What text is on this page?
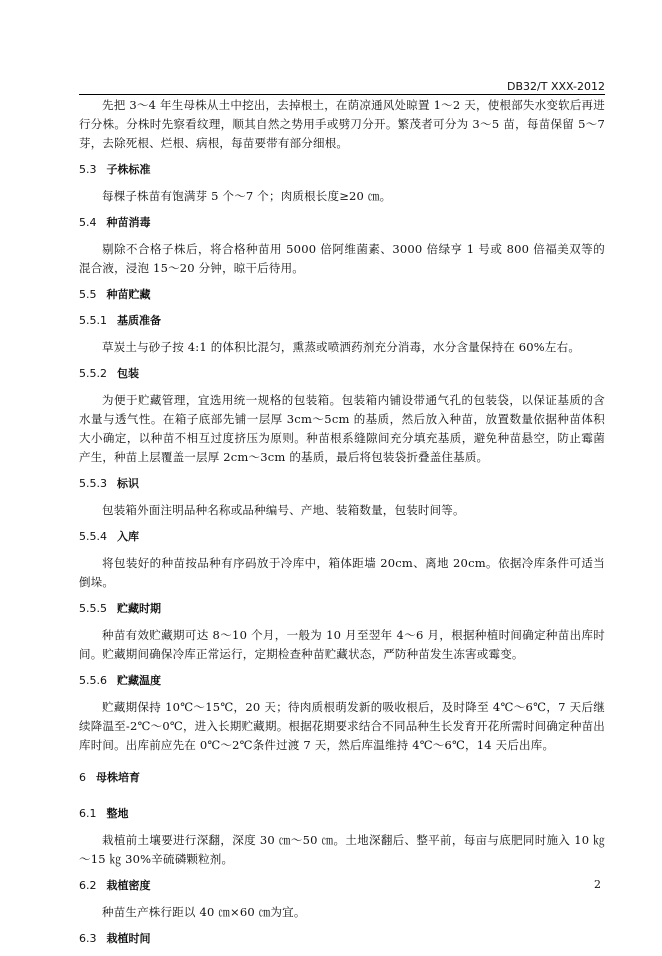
DB32/T XXX-2012

先把 3～4 年生母株从土中挖出，去掉根土，在荫凉通风处晾置 1～2 天，使根部失水变软后再进行分株。分株时先察看纹理，顺其自然之势用手或劈刀分开。繁茂者可分为 3～5 苗，每苗保留 5～7 芽，去除死根、烂根、病根，每苗要带有部分细根。

5.3 子株标准

每棵子株苗有饱满芽 5 个～7 个；肉质根长度≥20 ㎝。

5.4 种苗消毒

剔除不合格子株后，将合格种苗用 5000 倍阿维菌素、3000 倍绿亨 1 号或 800 倍福美双等的混合液，浸泡 15～20 分钟，晾干后待用。

5.5 种苗贮藏
5.5.1 基质准备

草炭土与砂子按 4:1 的体积比混匀，熏蒸或喷洒药剂充分消毒，水分含量保持在 60%左右。

5.5.2 包装

为便于贮藏管理，宜选用统一规格的包装箱。包装箱内铺设带通气孔的包装袋，以保证基质的含水量与透气性。在箱子底部先铺一层厚 3cm～5cm 的基质，然后放入种苗，放置数量依据种苗体积大小确定，以种苗不相互过度挤压为原则。种苗根系缝隙间充分填充基质，避免种苗悬空，防止霉菌产生，种苗上层覆盖一层厚 2cm～3cm 的基质，最后将包装袋折叠盖住基质。

5.5.3 标识

包装箱外面注明品种名称或品种编号、产地、装箱数量，包装时间等。

5.5.4 入库

将包装好的种苗按品种有序码放于冷库中，箱体距墙 20cm、离地 20cm。依据冷库条件可适当倒垛。

5.5.5 贮藏时期

种苗有效贮藏期可达 8～10 个月，一般为 10 月至翌年 4～6 月，根据种植时间确定种苗出库时间。贮藏期间确保冷库正常运行，定期检查种苗贮藏状态，严防种苗发生冻害或霉变。

5.5.6 贮藏温度

贮藏期保持 10℃～15℃，20 天；待肉质根萌发新的吸收根后，及时降至 4℃～6℃，7 天后继续降温至-2℃～0℃，进入长期贮藏期。根据花期要求结合不同品种生长发育开花所需时间确定种苗出库时间。出库前应先在 0℃～2℃条件过渡 7 天，然后库温维持 4℃～6℃，14 天后出库。

6 母株培育
6.1 整地

栽植前土壤要进行深翻，深度 30 ㎝～50 ㎝。土地深翻后、整平前，每亩与底肥同时施入 10 ㎏～15 ㎏ 30%辛硫磷颗粒剂。

6.2 栽植密度

种苗生产株行距以 40 ㎝×60 ㎝为宜。

6.3 栽植时间
2
